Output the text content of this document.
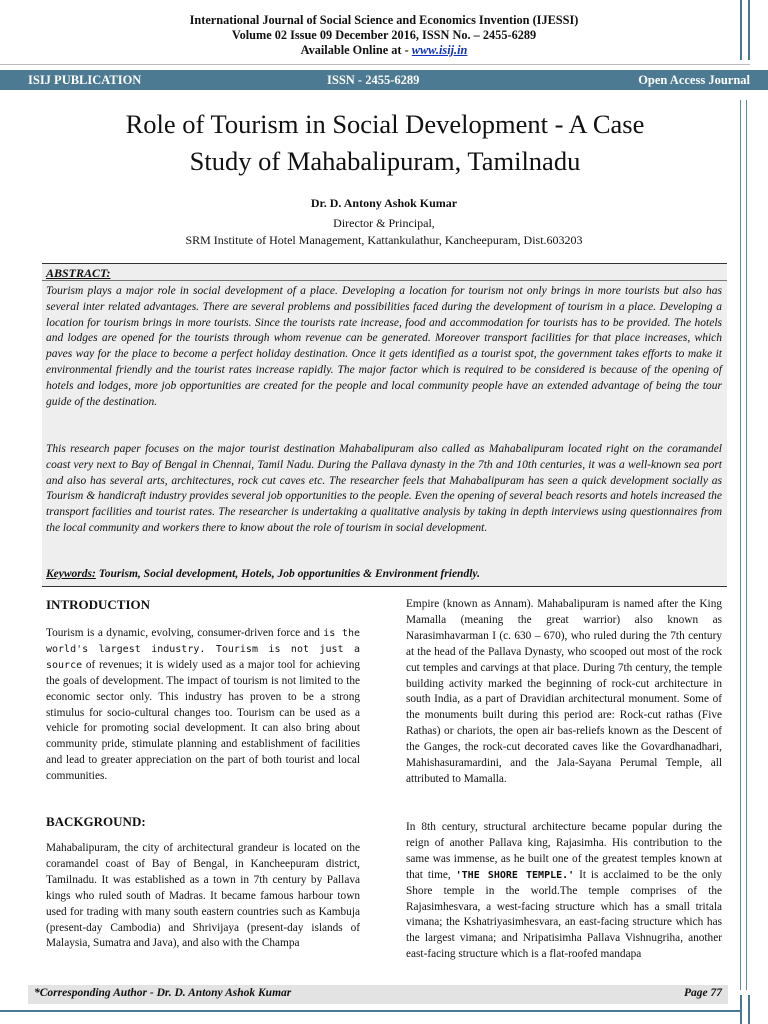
International Journal of Social Science and Economics Invention (IJESSI)
Volume 02 Issue 09 December 2016, ISSN No. – 2455-6289
Available Online at - www.isij.in
ISIJ PUBLICATION	ISSN - 2455-6289	Open Access Journal
Role of Tourism in Social Development - A Case
Study of Mahabalipuram, Tamilnadu
Dr. D. Antony Ashok Kumar
Director & Principal,
SRM Institute of Hotel Management, Kattankulathur, Kancheepuram, Dist.603203
ABSTRACT:
Tourism plays a major role in social development of a place. Developing a location for tourism not only brings in more tourists but also has several inter related advantages. There are several problems and possibilities faced during the development of tourism in a place. Developing a location for tourism brings in more tourists. Since the tourists rate increase, food and accommodation for tourists has to be provided. The hotels and lodges are opened for the tourists through whom revenue can be generated. Moreover transport facilities for that place increases, which paves way for the place to become a perfect holiday destination. Once it gets identified as a tourist spot, the government takes efforts to make it environmental friendly and the tourist rates increase rapidly. The major factor which is required to be considered is because of the opening of hotels and lodges, more job opportunities are created for the people and local community people have an extended advantage of being the tour guide of the destination.
This research paper focuses on the major tourist destination Mahabalipuram also called as Mahabalipuram located right on the coramandel coast very next to Bay of Bengal in Chennai, Tamil Nadu. During the Pallava dynasty in the 7th and 10th centuries, it was a well-known sea port and also has several arts, architectures, rock cut caves etc. The researcher feels that Mahabalipuram has seen a quick development socially as Tourism & handicraft industry provides several job opportunities to the people. Even the opening of several beach resorts and hotels increased the transport facilities and tourist rates. The researcher is undertaking a qualitative analysis by taking in depth interviews using questionnaires from the local community and workers there to know about the role of tourism in social development.
Keywords: Tourism, Social development, Hotels, Job opportunities & Environment friendly.
INTRODUCTION
Tourism is a dynamic, evolving, consumer-driven force and is the world's largest industry. Tourism is not just a source of revenues; it is widely used as a major tool for achieving the goals of development. The impact of tourism is not limited to the economic sector only. This industry has proven to be a strong stimulus for socio-cultural changes too. Tourism can be used as a vehicle for promoting social development. It can also bring about community pride, stimulate planning and establishment of facilities and lead to greater appreciation on the part of both tourist and local communities.
BACKGROUND:
Mahabalipuram, the city of architectural grandeur is located on the coramandel coast of Bay of Bengal, in Kancheepuram district, Tamilnadu. It was established as a town in 7th century by Pallava kings who ruled south of Madras. It became famous harbour town used for trading with many south eastern countries such as Kambuja (present-day Cambodia) and Shrivijaya (present-day islands of Malaysia, Sumatra and Java), and also with the Champa
Empire (known as Annam). Mahabalipuram is named after the King Mamalla (meaning the great warrior) also known as Narasimhavarman I (c. 630 – 670), who ruled during the 7th century at the head of the Pallava Dynasty, who scooped out most of the rock cut temples and carvings at that place. During 7th century, the temple building activity marked the beginning of rock-cut architecture in south India, as a part of Dravidian architectural monument. Some of the monuments built during this period are: Rock-cut rathas (Five Rathas) or chariots, the open air bas-reliefs known as the Descent of the Ganges, the rock-cut decorated caves like the Govardhanadhari, Mahishasuramardini, and the Jala-Sayana Perumal Temple, all attributed to Mamalla.
In 8th century, structural architecture became popular during the reign of another Pallava king, Rajasimha. His contribution to the same was immense, as he built one of the greatest temples known at that time, 'THE SHORE TEMPLE.' It is acclaimed to be the only Shore temple in the world.The temple comprises of the Rajasimhesvara, a west-facing structure which has a small tritala vimana; the Kshatriyasimhesvara, an east-facing structure which has the largest vimana; and Nripatisimha Pallava Vishnugriha, another east-facing structure which is a flat-roofed mandapa
*Corresponding Author - Dr. D. Antony Ashok Kumar	Page 77
